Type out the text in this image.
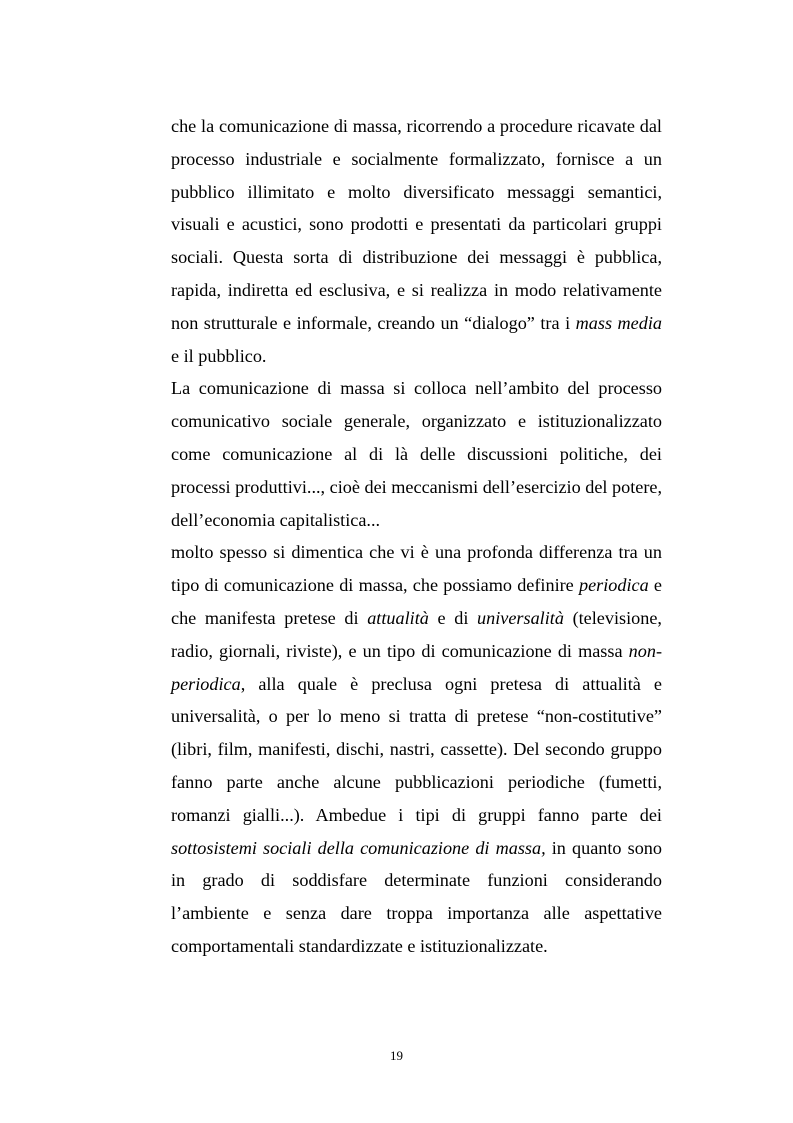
che la comunicazione di massa, ricorrendo a procedure ricavate dal processo industriale e socialmente formalizzato, fornisce a un pubblico illimitato e molto diversificato messaggi semantici, visuali e acustici, sono prodotti e presentati da particolari gruppi sociali. Questa sorta di distribuzione dei messaggi è pubblica, rapida, indiretta ed esclusiva, e si realizza in modo relativamente non strutturale e informale, creando un “dialogo” tra i mass media e il pubblico.

La comunicazione di massa si colloca nell’ambito del processo comunicativo sociale generale, organizzato e istituzionalizzato come comunicazione al di là delle discussioni politiche, dei processi produttivi..., cioè dei meccanismi dell’esercizio del potere, dell’economia capitalistica...

molto spesso si dimentica che vi è una profonda differenza tra un tipo di comunicazione di massa, che possiamo definire periodica e che manifesta pretese di attualità e di universalità (televisione, radio, giornali, riviste), e un tipo di comunicazione di massa non-periodica, alla quale è preclusa ogni pretesa di attualità e universalità, o per lo meno si tratta di pretese “non-costitutive” (libri, film, manifesti, dischi, nastri, cassette). Del secondo gruppo fanno parte anche alcune pubblicazioni periodiche (fumetti, romanzi gialli...). Ambedue i tipi di gruppi fanno parte dei sottosistemi sociali della comunicazione di massa, in quanto sono in grado di soddisfare determinate funzioni considerando l’ambiente e senza dare troppa importanza alle aspettative comportamentali standardizzate e istituzionalizzate.

19
